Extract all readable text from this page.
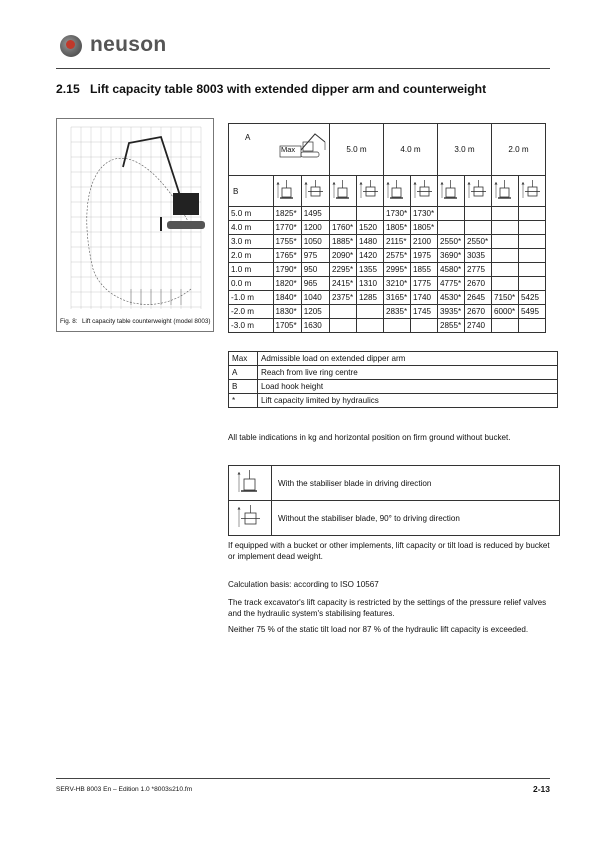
neuson
2.15 Lift capacity table 8003 with extended dipper arm and counterweight
Fig. 8: Lift capacity table counterweight (model 8003)
A	Max		5.0 m		4.0 m		3.0 m		2.0 m	
B										
5.0 m	1825*	1495			1730*	1730*				
4.0 m	1770*	1200	1760*	1520	1805*	1805*				
3.0 m	1755*	1050	1885*	1480	2115*	2100	2550*	2550*		
2.0 m	1765*	975	2090*	1420	2575*	1975	3690*	3035		
1.0 m	1790*	950	2295*	1355	2995*	1855	4580*	2775		
0.0 m	1820*	965	2415*	1310	3210*	1775	4775*	2670		
-1.0 m	1840*	1040	2375*	1285	3165*	1740	4530*	2645	7150*	5425
-2.0 m	1830*	1205			2835*	1745	3935*	2670	6000*	5495
-3.0 m	1705*	1630					2855*	2740		
Max	Admissible load on extended dipper arm
A	Reach from live ring centre
B	Load hook height
*	Lift capacity limited by hydraulics
All table indications in kg and horizontal position on firm ground without bucket.
	With the stabiliser blade in driving direction
	Without the stabiliser blade, 90° to driving direction
If equipped with a bucket or other implements, lift capacity or tilt load is reduced by bucket or implement dead weight.
Calculation basis: according to ISO 10567
The track excavator's lift capacity is restricted by the settings of the pressure relief valves and the hydraulic system's stabilising features.
Neither 75 % of the static tilt load nor 87 % of the hydraulic lift capacity is exceeded.
SERV-HB 8003 En – Edition 1.0 *8003s210.fm	2-13
